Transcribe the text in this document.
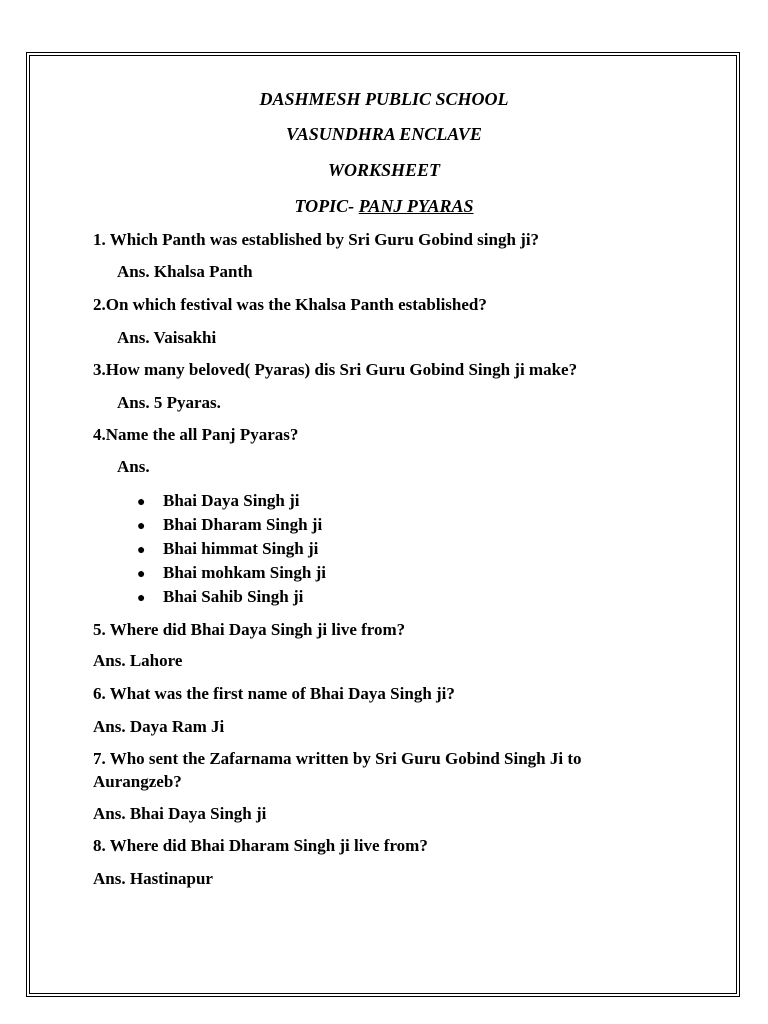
DASHMESH PUBLIC SCHOOL
VASUNDHRA ENCLAVE
WORKSHEET
TOPIC- PANJ PYARAS
1. Which Panth was established by Sri Guru Gobind singh ji?
Ans. Khalsa Panth
2.On which festival was the Khalsa Panth established?
Ans. Vaisakhi
3.How many beloved( Pyaras) dis Sri Guru Gobind Singh ji make?
Ans. 5 Pyaras.
4.Name the all Panj Pyaras?
Ans.
● Bhai Daya Singh ji
● Bhai Dharam Singh ji
● Bhai himmat Singh ji
● Bhai mohkam Singh ji
● Bhai Sahib Singh ji
5. Where did Bhai Daya Singh ji live from?
Ans. Lahore
6. What was the first name of Bhai Daya Singh ji?
Ans. Daya Ram Ji
7. Who sent the Zafarnama written by Sri Guru Gobind Singh Ji to
Aurangzeb?
Ans. Bhai Daya Singh ji
8. Where did Bhai Dharam Singh ji live from?
Ans. Hastinapur
